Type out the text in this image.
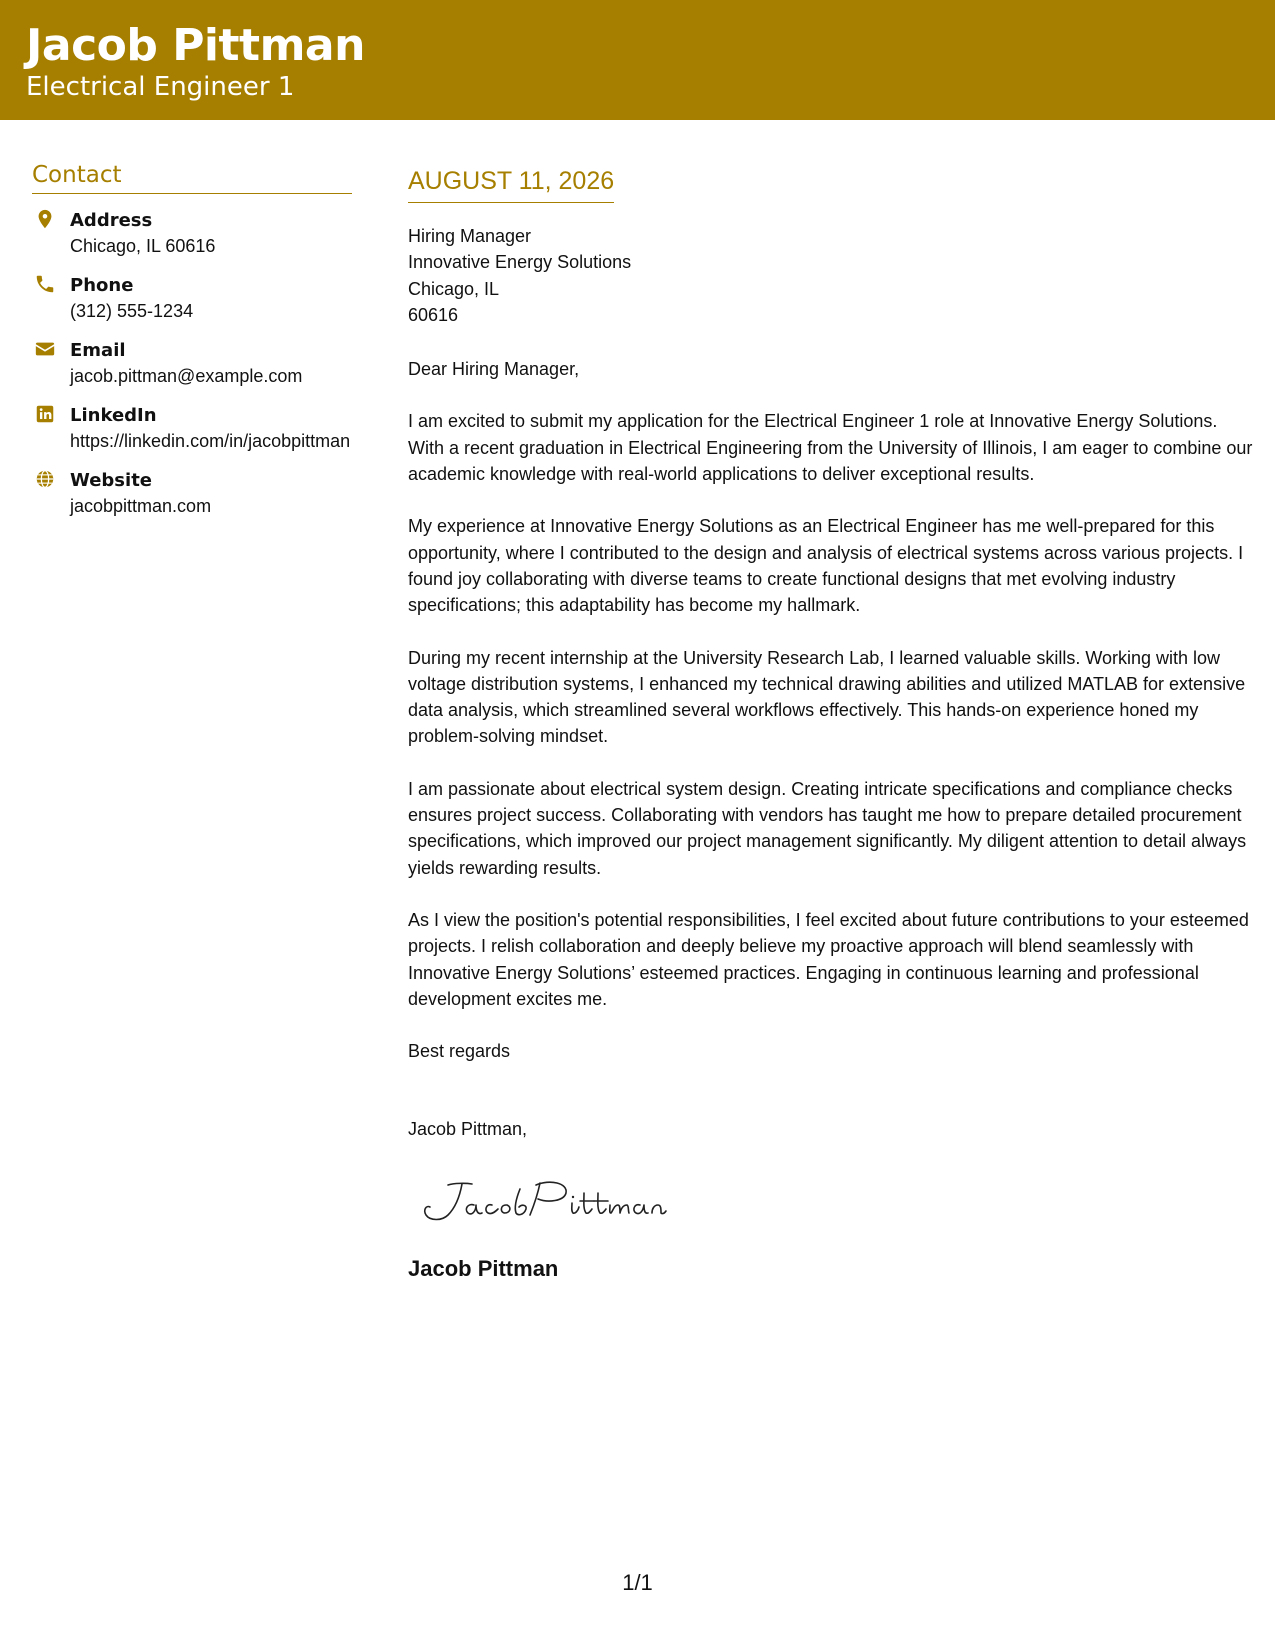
Jacob Pittman
Electrical Engineer 1
Contact
Address
Chicago, IL 60616
Phone
(312) 555-1234
Email
jacob.pittman@example.com
LinkedIn
https://linkedin.com/in/jacobpittman
Website
jacobpittman.com
AUGUST 11, 2026
Hiring Manager
Innovative Energy Solutions
Chicago, IL
60616
Dear Hiring Manager,
I am excited to submit my application for the Electrical Engineer 1 role at Innovative Energy Solutions. With a recent graduation in Electrical Engineering from the University of Illinois, I am eager to combine our academic knowledge with real-world applications to deliver exceptional results.
My experience at Innovative Energy Solutions as an Electrical Engineer has me well-prepared for this opportunity, where I contributed to the design and analysis of electrical systems across various projects. I found joy collaborating with diverse teams to create functional designs that met evolving industry specifications; this adaptability has become my hallmark.
During my recent internship at the University Research Lab, I learned valuable skills. Working with low voltage distribution systems, I enhanced my technical drawing abilities and utilized MATLAB for extensive data analysis, which streamlined several workflows effectively. This hands-on experience honed my problem-solving mindset.
I am passionate about electrical system design. Creating intricate specifications and compliance checks ensures project success. Collaborating with vendors has taught me how to prepare detailed procurement specifications, which improved our project management significantly. My diligent attention to detail always yields rewarding results.
As I view the position's potential responsibilities, I feel excited about future contributions to your esteemed projects. I relish collaboration and deeply believe my proactive approach will blend seamlessly with Innovative Energy Solutions’ esteemed practices. Engaging in continuous learning and professional development excites me.
Best regards
Jacob Pittman,
Jacob Pittman
1/1
